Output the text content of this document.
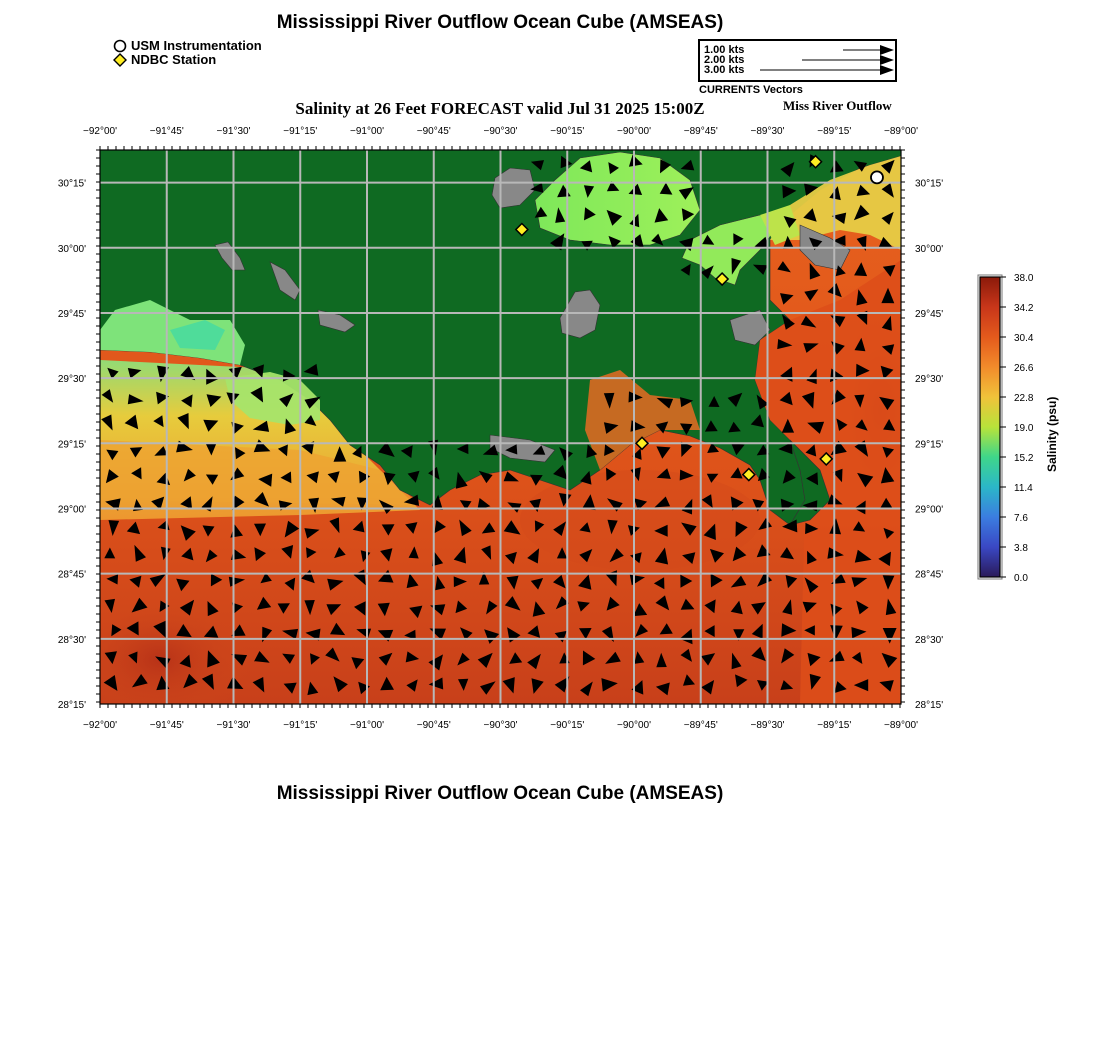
Mississippi River Outflow Ocean Cube (AMSEAS)
USM Instrumentation
NDBC Station
1.00 kts
2.00 kts
3.00 kts
CURRENTS Vectors
Salinity at 26 Feet FORECAST valid Jul 31 2025 15:00Z	Miss River Outflow
−92°00'
−92°00'
−91°45'
−91°45'
−91°30'
−91°30'
−91°15'
−91°15'
−91°00'
−91°00'
−90°45'
−90°45'
−90°30'
−90°30'
−90°15'
−90°15'
−90°00'
−90°00'
−89°45'
−89°45'
−89°30'
−89°30'
−89°15'
−89°15'
−89°00'
−89°00'
30°15'	30°15'
30°00'	30°00'
29°45'	29°45'
29°30'	29°30'
29°15'	29°15'
29°00'	29°00'
28°45'	28°45'
28°30'	28°30'
28°15'	28°15'
38.0
34.2
30.4
26.6
22.8
19.0
15.2
11.4
7.6
3.8
0.0
Salinity (psu)
Mississippi River Outflow Ocean Cube (AMSEAS)
